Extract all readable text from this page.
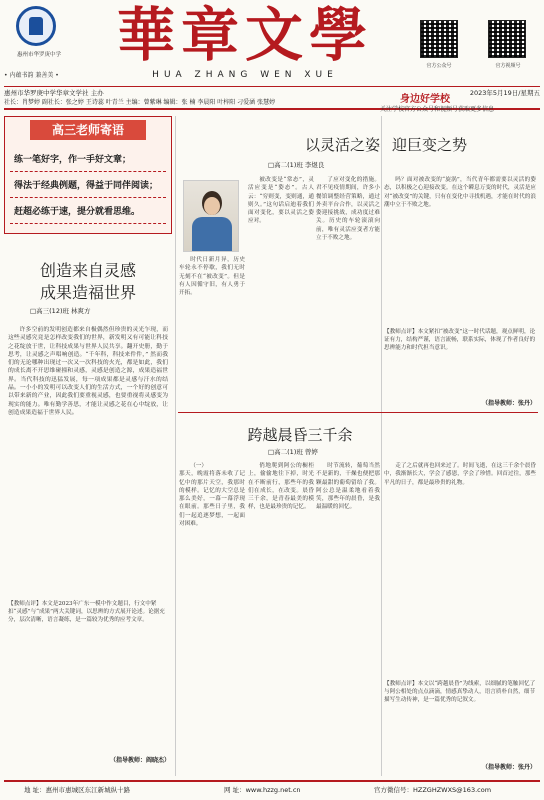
惠州市华罗庚中学
• 内蕴书韵 兼善美 •
華章文學
HUA ZHANG WEN XUE
官方公众号	官方视频号
惠州市华罗庚中学华章文学社 主办	2023年5月19日/星期五
社长：肖梦婷 副社长：张之婷 王诗蕊 叶青兰 主编：曾紫琳 编辑：张 楠 李晨阳 叶梓阳 刁爱涵 张慧婷
高三老师寄语
练一笔好字，作一手好文章；
得法于经典例题，得益于同伴阅读；
赶超必练于速，提分就看思维。
创造来自灵感
成果造福世界
□高三(12)班 林爽方
许多空前的发明创造都来自极偶然但珍贵的灵光乍现，而这些灵感究竟是怎样改变我们的世界，新发明又有可能让科技之花绽放于世，让科技成果与世界人民共享。翻开史册，勤于思考，让灵感之声唱响创造。“千年科，科技来件件，” 然而我们的无论哪种出现过一次又一次科技的火光，都是如此，我们的成长离不开思维碰撞和灵感，灵感是创造之源，成果造福世界。当代科技的迅猛发展，每一项成果都是灵感与汗水的结晶。一小小的发明可以改变人们的生活方式，一个好的创意可以带来新的产业，因此我们要重视灵感，也要重视将灵感变为现实的能力。唯有勤学善思，才能让灵感之花在心中绽放，让创造成果造福于世界人民。
【教师点评】本文是2023年广东一模中作文题目，行文中紧扣“灵感”与“成果”两大关键词，以思辨的方式展开论述。论据充分，层次清晰，语言凝练，是一篇较为优秀的应考文章。
（指导教师：阎晓杰）
身边好学校
关注学校官方公众号和视频号获取更多信息
以灵活之姿 迎巨变之势
□高二(1)班 李煜良
时代日新月异，历史车轮永不停歇，我们无时无刻不在“被改变”。但是有人因循守旧，有人勇于开拓。
被改变是“常态”，灵活应变是“姿态”。古人云：“穷则变，变则通，通则久。”这句话启迪着我们面对变化，要以灵活之姿应对。
了应对变化的措施。君不见疫情期间，许多小餐馆调整经营策略，通过外卖平台合作，以灵活之姿迎接挑战，成功度过难关。历史的车轮滚滚向前，唯有灵活应变者方能立于不败之地。
吗？面对被改变的“旋涡”，当代青年都需要以灵活的姿态，以积极之心迎接改变。在这个瞬息万变的时代，灵活是应对“被改变”的关键，只有在变化中寻找机遇，才能在时代的浪潮中立于不败之地。
【教师点评】本文紧扣“被改变”这一时代话题，观点鲜明，论证有力，结构严谨，语言流畅，联系实际，体现了作者良好的思辨能力和时代担当意识。
（指导教师：张丹）
跨越晨昏三千余
□高二(1)班 曾婷
（一）
那天，晚霞将落未收了记忆中的那片天空，我那时的模样。记忆的大空总是那么美好，一幕一幕浮现在眼前。那些日子里，我们一起追逐梦想，一起面对困难。
俏地爬到阿公的橱柜上，偷偷地往下掉，时光在不断前行，那些年的我们在成长，在改变。晨昏三千余，是青春最美的模样，也是最珍贵的记忆。
时节流转，葡萄当然不是新的，干燥也便把那颗最甜的葡萄留给了我。阿公总是温柔地看着我笑，那些年的晨昏，是我最温暖的回忆。
走了之后就再也回来过了。时间飞逝，在这三千余个晨昏中，我渐渐长大，学会了感恩，学会了珍惜。回首过往，那些平凡的日子，都是最珍贵的礼物。
【教师点评】本文以“跨越晨昏”为线索，以细腻的笔触回忆了与阿公相处的点点滴滴，情感真挚动人，语言质朴自然，细节描写生动传神，是一篇优秀的记叙文。
（指导教师：张丹）
地 址：惠州市惠城区东江新城纵十路	网 址：www.hzzg.net.cn	官方微信号：HZZGHZWXS@163.com
